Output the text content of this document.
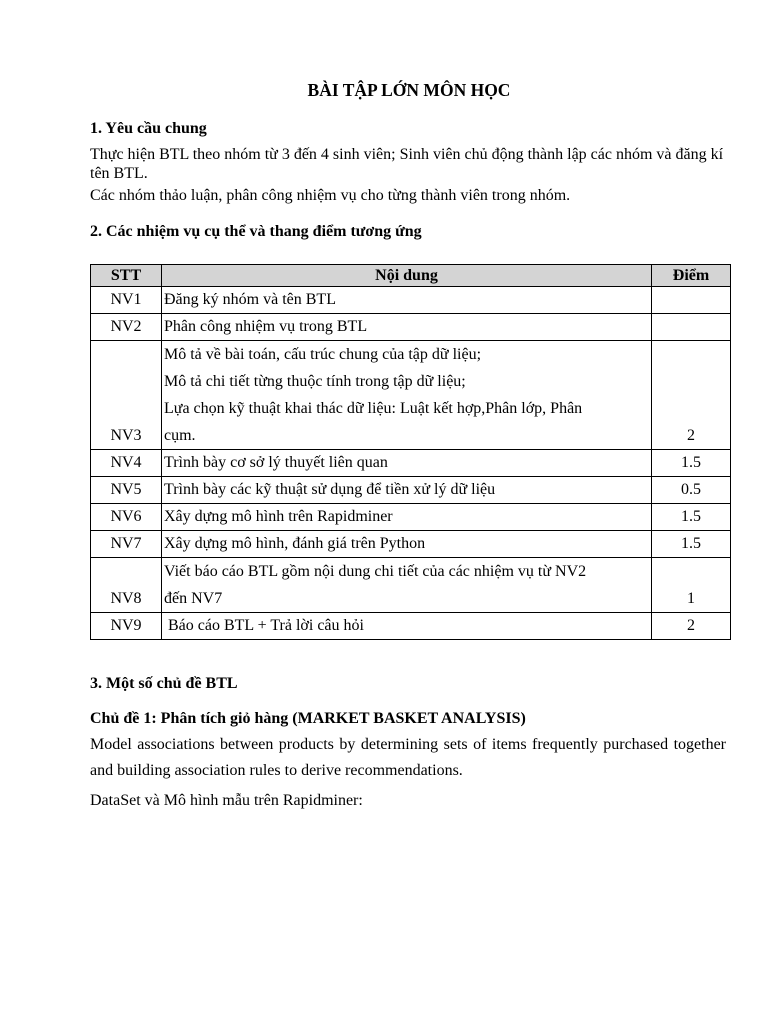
BÀI TẬP LỚN MÔN HỌC
1. Yêu cầu chung
Thực hiện BTL theo nhóm từ 3 đến 4 sinh viên; Sinh viên chủ động thành lập các nhóm và đăng kí tên BTL.
Các nhóm thảo luận, phân công nhiệm vụ cho từng thành viên trong nhóm.
2. Các nhiệm vụ cụ thể và thang điểm tương ứng
STT	Nội dung	Điểm
NV1	Đăng ký nhóm và tên BTL	
NV2	Phân công nhiệm vụ trong BTL	
NV3	Mô tả về bài toán, cấu trúc chung của tập dữ liệu;
Mô tả chi tiết từng thuộc tính trong tập dữ liệu;
Lựa chọn kỹ thuật khai thác dữ liệu: Luật kết hợp,Phân lớp, Phân
cụm.	2
NV4	Trình bày cơ sở lý thuyết liên quan	1.5
NV5	Trình bày các kỹ thuật sử dụng để tiền xử lý dữ liệu	0.5
NV6	Xây dựng mô hình trên Rapidminer	1.5
NV7	Xây dựng mô hình, đánh giá trên Python	1.5
NV8	Viết báo cáo BTL gồm nội dung chi tiết của các nhiệm vụ từ NV2
đến NV7	1
NV9	Báo cáo BTL + Trả lời câu hỏi	2
3. Một số chủ đề BTL
Chủ đề 1: Phân tích giỏ hàng (MARKET BASKET ANALYSIS)
Model associations between products by determining sets of items frequently purchased together and building association rules to derive recommendations.
DataSet và Mô hình mẫu trên Rapidminer:
